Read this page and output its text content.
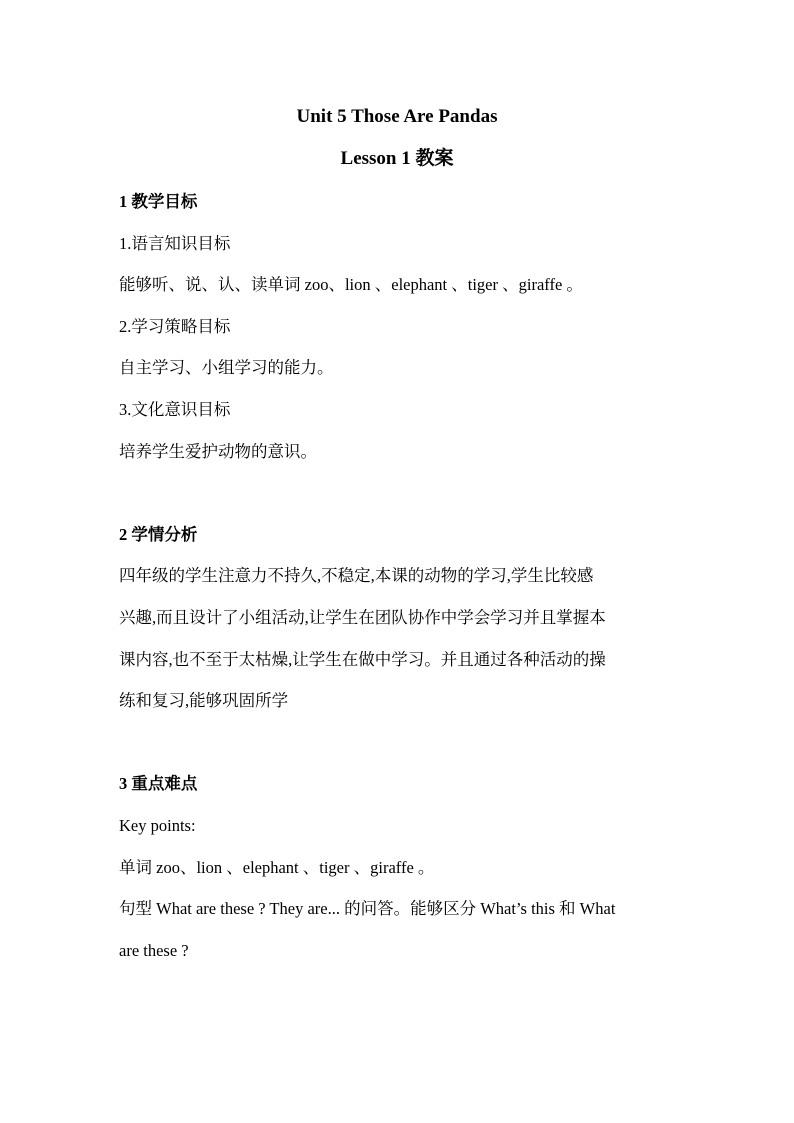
Unit 5 Those Are Pandas
Lesson 1 教案
1 教学目标
1.语言知识目标
能够听、说、认、读单词 zoo、lion 、elephant 、tiger 、giraffe 。
2.学习策略目标
自主学习、小组学习的能力。
3.文化意识目标
培养学生爱护动物的意识。
2 学情分析
四年级的学生注意力不持久,不稳定,本课的动物的学习,学生比较感
兴趣,而且设计了小组活动,让学生在团队协作中学会学习并且掌握本
课内容,也不至于太枯燥,让学生在做中学习。并且通过各种活动的操
练和复习,能够巩固所学
3 重点难点
Key points:
单词 zoo、lion 、elephant 、tiger 、giraffe 。
句型 What are these ? They are... 的问答。能够区分 What’s this 和 What
are these ?
